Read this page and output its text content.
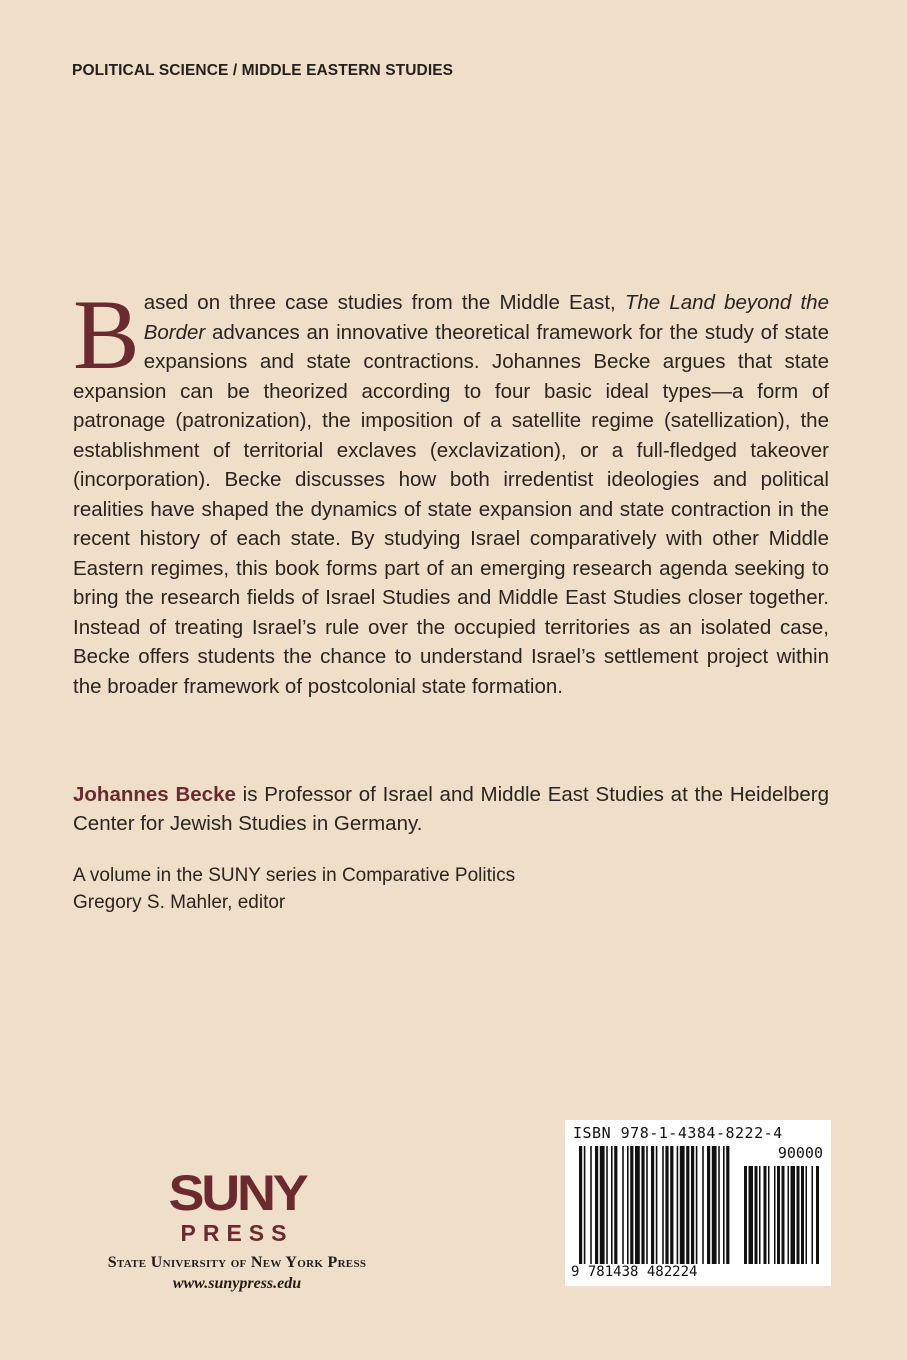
POLITICAL SCIENCE / MIDDLE EASTERN STUDIES
Based on three case studies from the Middle East, The Land beyond the Border advances an innovative theoretical framework for the study of state expansions and state contractions. Johannes Becke argues that state expansion can be theorized according to four basic ideal types—a form of patronage (patronization), the imposition of a satellite regime (satellization), the establishment of territorial exclaves (exclavization), or a full-fledged takeover (incorporation). Becke discusses how both irredentist ideologies and political realities have shaped the dynamics of state expansion and state contraction in the recent history of each state. By studying Israel comparatively with other Middle Eastern regimes, this book forms part of an emerging research agenda seeking to bring the research fields of Israel Studies and Middle East Studies closer together. Instead of treating Israel’s rule over the occupied territories as an isolated case, Becke offers students the chance to understand Israel’s settlement project within the broader framework of postcolonial state formation.
Johannes Becke is Professor of Israel and Middle East Studies at the Heidelberg Center for Jewish Studies in Germany.
A volume in the SUNY series in Comparative Politics
Gregory S. Mahler, editor
SUNY
PRESS
State University of New York Press
www.sunypress.edu
ISBN 978-1-4384-8222-4
90000
9 781438 482224
